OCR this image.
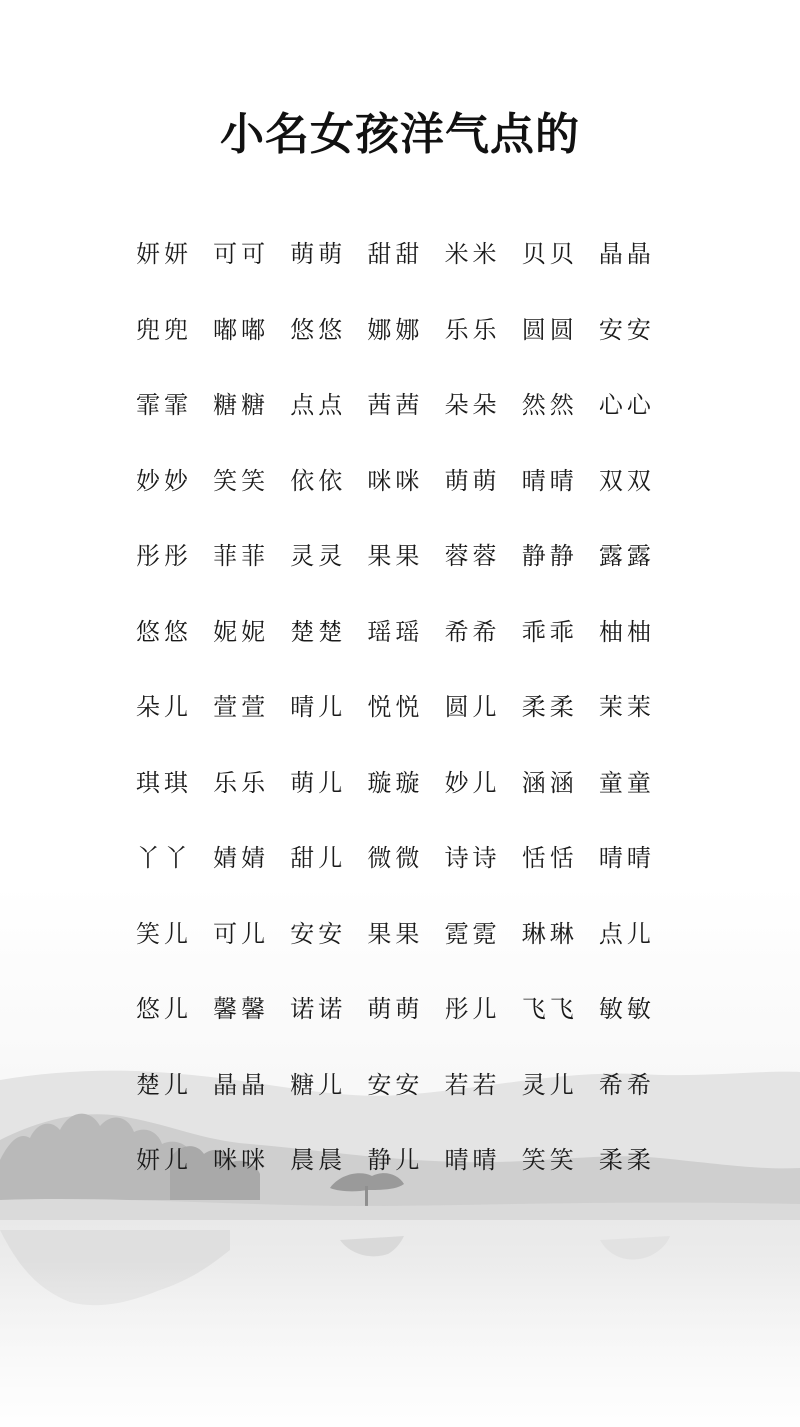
小名女孩洋气点的
妍妍 可可 萌萌 甜甜 米米 贝贝 晶晶
兜兜 嘟嘟 悠悠 娜娜 乐乐 圆圆 安安
霏霏 糖糖 点点 茜茜 朵朵 然然 心心
妙妙 笑笑 依依 咪咪 萌萌 晴晴 双双
彤彤 菲菲 灵灵 果果 蓉蓉 静静 露露
悠悠 妮妮 楚楚 瑶瑶 希希 乖乖 柚柚
朵儿 萱萱 晴儿 悦悦 圆儿 柔柔 茉茉
琪琪 乐乐 萌儿 璇璇 妙儿 涵涵 童童
丫丫 婧婧 甜儿 微微 诗诗 恬恬 晴晴
笑儿 可儿 安安 果果 霓霓 琳琳 点儿
悠儿 馨馨 诺诺 萌萌 彤儿 飞飞 敏敏
楚儿 晶晶 糖儿 安安 若若 灵儿 希希
妍儿 咪咪 晨晨 静儿 晴晴 笑笑 柔柔
